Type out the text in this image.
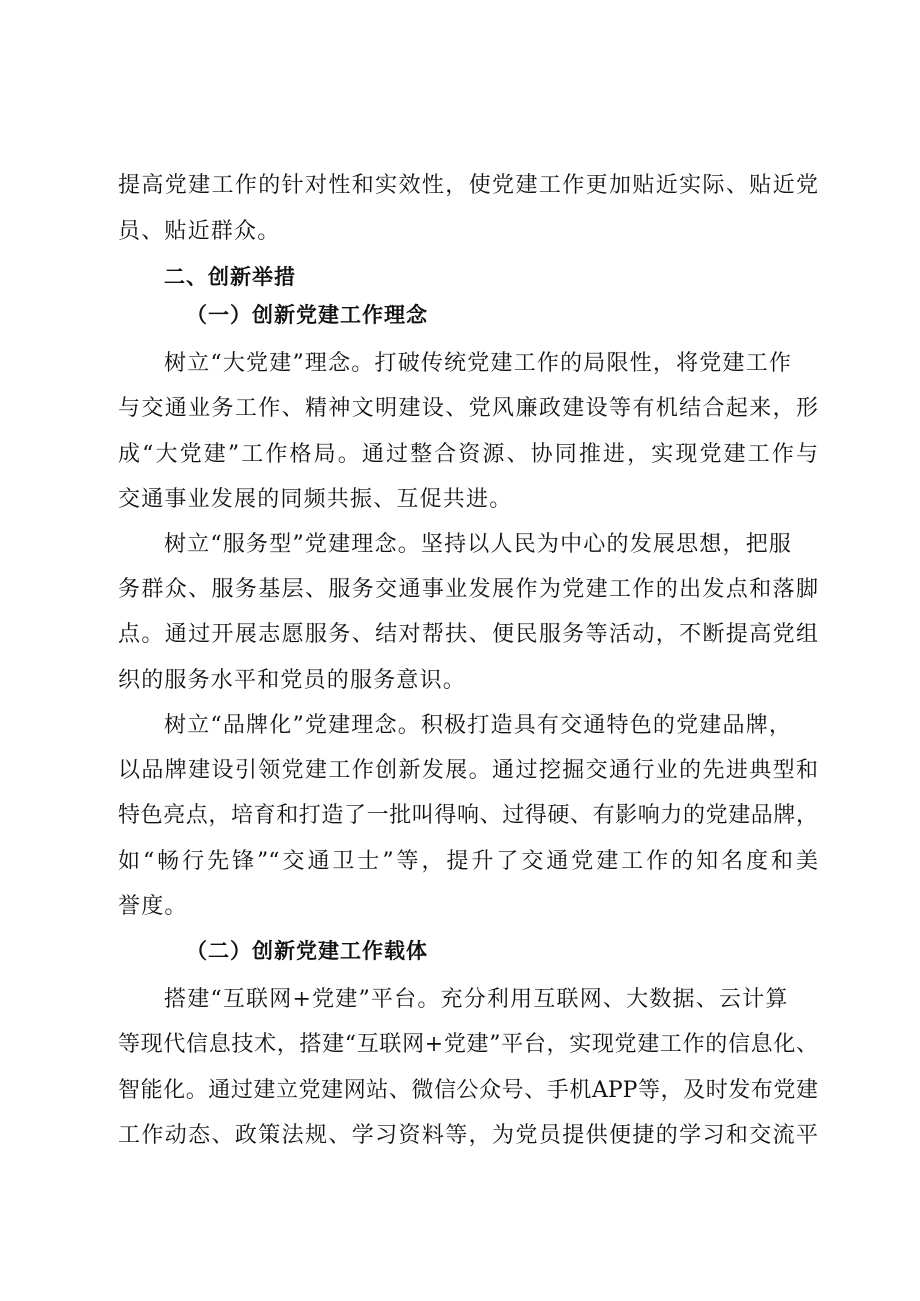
提高党建工作的针对性和实效性，使党建工作更加贴近实际、贴近党
员、贴近群众。
二、创新举措
（一）创新党建工作理念
树立“大党建”理念。打破传统党建工作的局限性，将党建工作
与交通业务工作、精神文明建设、党风廉政建设等有机结合起来，形
成“大党建”工作格局。通过整合资源、协同推进，实现党建工作与
交通事业发展的同频共振、互促共进。
树立“服务型”党建理念。坚持以人民为中心的发展思想，把服
务群众、服务基层、服务交通事业发展作为党建工作的出发点和落脚
点。通过开展志愿服务、结对帮扶、便民服务等活动，不断提高党组
织的服务水平和党员的服务意识。
树立“品牌化”党建理念。积极打造具有交通特色的党建品牌，
以品牌建设引领党建工作创新发展。通过挖掘交通行业的先进典型和
特色亮点，培育和打造了一批叫得响、过得硬、有影响力的党建品牌，
如“畅行先锋”“交通卫士”等，提升了交通党建工作的知名度和美
誉度。
（二）创新党建工作载体
搭建“互联网+党建”平台。充分利用互联网、大数据、云计算
等现代信息技术，搭建“互联网+党建”平台，实现党建工作的信息化、
智能化。通过建立党建网站、微信公众号、手机APP等，及时发布党建
工作动态、政策法规、学习资料等，为党员提供便捷的学习和交流平
